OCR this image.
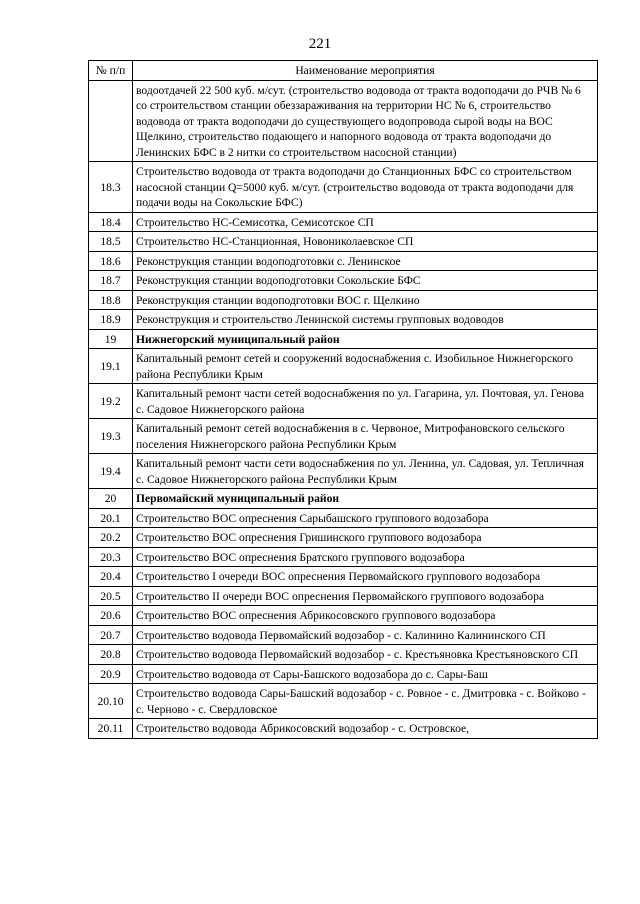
221
№ п/п	Наименование мероприятия
	водоотдачей 22 500 куб. м/сут. (строительство водовода от тракта водоподачи до РЧВ № 6 со строительством станции обеззараживания на территории НС № 6, строительство водовода от тракта водоподачи до существующего водопровода сырой воды на ВОС Щелкино, строительство подающего и напорного водовода от тракта водоподачи до Ленинских БФС в 2 нитки со строительством насосной станции)
18.3	Строительство водовода от тракта водоподачи до Станционных БФС со строительством насосной станции Q=5000 куб. м/сут. (строительство водовода от тракта водоподачи для подачи воды на Сокольские БФС)
18.4	Строительство НС-Семисотка, Семисотское СП
18.5	Строительство НС-Станционная, Новониколаевское СП
18.6	Реконструкция станции водоподготовки с. Ленинское
18.7	Реконструкция станции водоподготовки Сокольские БФС
18.8	Реконструкция станции водоподготовки ВОС г. Щелкино
18.9	Реконструкция и строительство Ленинской системы групповых водоводов
19	Нижнегорский муниципальный район
19.1	Капитальный ремонт сетей и сооружений водоснабжения с. Изобильное Нижнегорского района Республики Крым
19.2	Капитальный ремонт части сетей водоснабжения по ул. Гагарина, ул. Почтовая, ул. Генова с. Садовое Нижнегорского района
19.3	Капитальный ремонт сетей водоснабжения в с. Червоное, Митрофановского сельского поселения Нижнегорского района Республики Крым
19.4	Капитальный ремонт части сети водоснабжения по ул. Ленина, ул. Садовая, ул. Тепличная с. Садовое Нижнегорского района Республики Крым
20	Первомайский муниципальный район
20.1	Строительство ВОС опреснения Сарыбашского группового водозабора
20.2	Строительство ВОС опреснения Гришинского группового водозабора
20.3	Строительство ВОС опреснения Братского группового водозабора
20.4	Строительство I очереди ВОС опреснения Первомайского группового водозабора
20.5	Строительство II очереди ВОС опреснения Первомайского группового водозабора
20.6	Строительство ВОС опреснения Абрикосовского группового водозабора
20.7	Строительство водовода Первомайский водозабор - с. Калинино Калининского СП
20.8	Строительство водовода Первомайский водозабор - с. Крестьяновка Крестьяновского СП
20.9	Строительство водовода от Сары-Башского водозабора до с. Сары-Баш
20.10	Строительство водовода Сары-Башский водозабор - с. Ровное - с. Дмитровка - с. Войково - с. Черново - с. Свердловское
20.11	Строительство водовода Абрикосовский водозабор - с. Островское,
